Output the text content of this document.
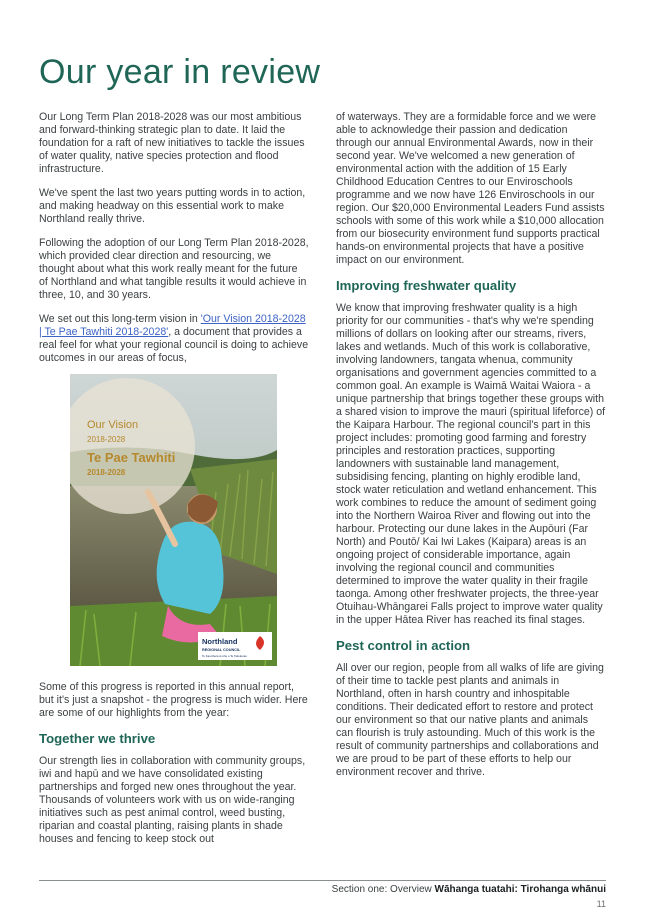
Our year in review

Our Long Term Plan 2018-2028 was our most ambitious and forward-thinking strategic plan to date. It laid the foundation for a raft of new initiatives to tackle the issues of water quality, native species protection and flood infrastructure.

We've spent the last two years putting words in to action, and making headway on this essential work to make Northland really thrive.

Following the adoption of our Long Term Plan 2018-2028, which provided clear direction and resourcing, we thought about what this work really meant for the future of Northland and what tangible results it would achieve in three, 10, and 30 years.

We set out this long-term vision in 'Our Vision 2018-2028 | Te Pae Tawhiti 2018-2028', a document that provides a real feel for what your regional council is doing to achieve outcomes in our areas of focus,

Our Vision
2018-2028
Te Pae Tawhiti
2018-2028
Northland
REGIONAL COUNCIL
Te Kaunihera ā rohe o Te Taitokerau

Some of this progress is reported in this annual report, but it's just a snapshot - the progress is much wider. Here are some of our highlights from the year:

Together we thrive

Our strength lies in collaboration with community groups, iwi and hapū and we have consolidated existing partnerships and forged new ones throughout the year. Thousands of volunteers work with us on wide-ranging initiatives such as pest animal control, weed busting, riparian and coastal planting, raising plants in shade houses and fencing to keep stock out

of waterways. They are a formidable force and we were able to acknowledge their passion and dedication through our annual Environmental Awards, now in their second year. We've welcomed a new generation of environmental action with the addition of 15 Early Childhood Education Centres to our Enviroschools programme and we now have 126 Enviroschools in our region. Our $20,000 Environmental Leaders Fund assists schools with some of this work while a $10,000 allocation from our biosecurity environment fund supports practical hands-on environmental projects that have a positive impact on our environment.

Improving freshwater quality

We know that improving freshwater quality is a high priority for our communities - that's why we're spending millions of dollars on looking after our streams, rivers, lakes and wetlands. Much of this work is collaborative, involving landowners, tangata whenua, community organisations and government agencies committed to a common goal. An example is Waimā Waitai Waiora - a unique partnership that brings together these groups with a shared vision to improve the mauri (spiritual lifeforce) of the Kaipara Harbour. The regional council's part in this project includes: promoting good farming and forestry principles and restoration practices, supporting landowners with sustainable land management, subsidising fencing, planting on highly erodible land, stock water reticulation and wetland enhancement. This work combines to reduce the amount of sediment going into the Northern Wairoa River and flowing out into the harbour. Protecting our dune lakes in the Aupōuri (Far North) and Poutō/ Kai Iwi Lakes (Kaipara) areas is an ongoing project of considerable importance, again involving the regional council and communities determined to improve the water quality in their fragile taonga. Among other freshwater projects, the three-year Otuihau-Whāngarei Falls project to improve water quality in the upper Hātea River has reached its final stages.

Pest control in action

All over our region, people from all walks of life are giving of their time to tackle pest plants and animals in Northland, often in harsh country and inhospitable conditions. Their dedicated effort to restore and protect our environment so that our native plants and animals can flourish is truly astounding. Much of this work is the result of community partnerships and collaborations and we are proud to be part of these efforts to help our environment recover and thrive.

Section one: Overview Wāhanga tuatahi: Tirohanga whānui
11
